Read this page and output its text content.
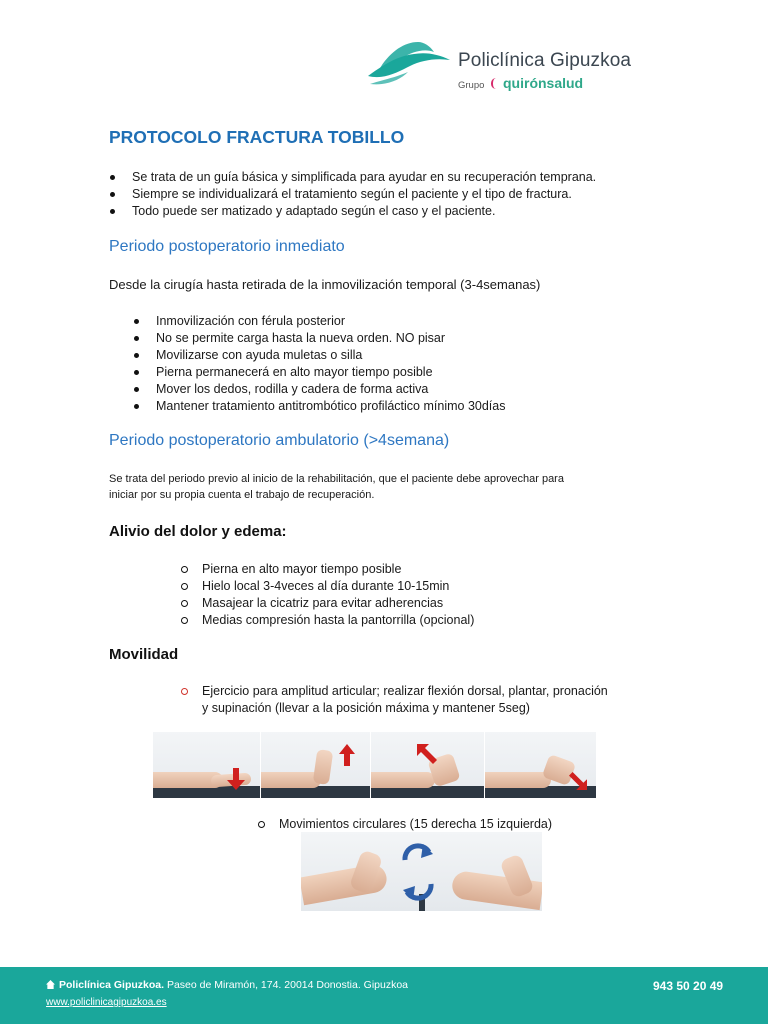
Policlínica Gipuzkoa
Grupo	quirónsalud
PROTOCOLO FRACTURA TOBILLO
Se trata de un guía básica y simplificada para ayudar en su recuperación temprana.
Siempre se individualizará el tratamiento según el paciente y el tipo de fractura.
Todo puede ser matizado y adaptado según el caso y el paciente.
Periodo postoperatorio inmediato
Desde la cirugía hasta retirada de la inmovilización temporal (3-4semanas)
Inmovilización con férula posterior
No se permite carga hasta la nueva orden. NO pisar
Movilizarse con ayuda muletas o silla
Pierna permanecerá en alto mayor tiempo posible
Mover los dedos, rodilla y cadera de forma activa
Mantener tratamiento antitrombótico profiláctico mínimo 30días
Periodo postoperatorio ambulatorio (>4semana)
Se trata del periodo previo al inicio de la rehabilitación, que el paciente debe aprovechar para
iniciar por su propia cuenta el trabajo de recuperación.
Alivio del dolor y edema:
Pierna en alto mayor tiempo posible
Hielo local 3-4veces al día durante 10-15min
Masajear la cicatriz para evitar adherencias
Medias compresión hasta la pantorrilla (opcional)
Movilidad
Ejercicio para amplitud articular; realizar flexión dorsal, plantar, pronación
y supinación (llevar a la posición máxima y mantener 5seg)
Movimientos circulares (15 derecha 15 izquierda)
Policlínica Gipuzkoa. Paseo de Miramón, 174. 20014 Donostia. Gipuzkoa
www.policlinicagipuzkoa.es
943 50 20 49
